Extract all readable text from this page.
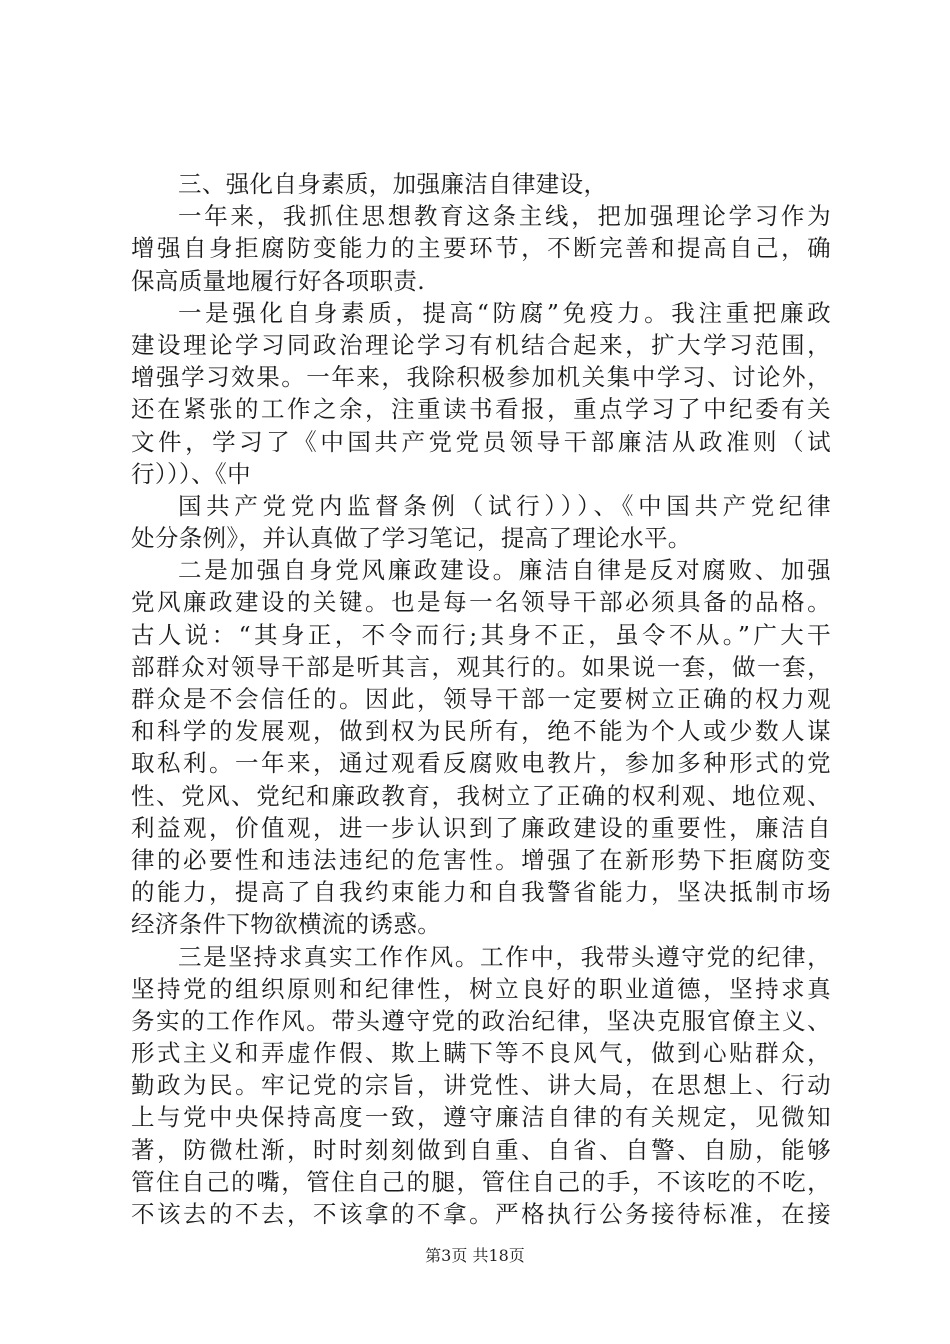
三、强化自身素质，加强廉洁自律建设，
一年来，我抓住思想教育这条主线，把加强理论学习作为
增强自身拒腐防变能力的主要环节，不断完善和提高自己，确
保高质量地履行好各项职责.
一是强化自身素质，提高“防腐”免疫力。我注重把廉政
建设理论学习同政治理论学习有机结合起来，扩大学习范围，
增强学习效果。一年来，我除积极参加机关集中学习、讨论外，
还在紧张的工作之余，注重读书看报，重点学习了中纪委有关
文件，学习了《中国共产党党员领导干部廉洁从政准则（试
行）））、《中
国共产党党内监督条例（试行）））、《中国共产党纪律
处分条例》，并认真做了学习笔记，提高了理论水平。
二是加强自身党风廉政建设。廉洁自律是反对腐败、加强
党风廉政建设的关键。也是每一名领导干部必须具备的品格。
古人说：“其身正，不令而行;其身不正，虽令不从。”广大干
部群众对领导干部是听其言，观其行的。如果说一套，做一套，
群众是不会信任的。因此，领导干部一定要树立正确的权力观
和科学的发展观，做到权为民所有，绝不能为个人或少数人谋
取私利。一年来，通过观看反腐败电教片，参加多种形式的党
性、党风、党纪和廉政教育，我树立了正确的权利观、地位观、
利益观，价值观，进一步认识到了廉政建设的重要性，廉洁自
律的必要性和违法违纪的危害性。增强了在新形势下拒腐防变
的能力，提高了自我约束能力和自我警省能力，坚决抵制市场
经济条件下物欲横流的诱惑。
三是坚持求真实工作作风。工作中，我带头遵守党的纪律，
坚持党的组织原则和纪律性，树立良好的职业道德，坚持求真
务实的工作作风。带头遵守党的政治纪律，坚决克服官僚主义、
形式主义和弄虚作假、欺上瞒下等不良风气，做到心贴群众，
勤政为民。牢记党的宗旨，讲党性、讲大局，在思想上、行动
上与党中央保持高度一致，遵守廉洁自律的有关规定，见微知
著，防微杜渐，时时刻刻做到自重、自省、自警、自励，能够
管住自己的嘴，管住自己的腿，管住自己的手，不该吃的不吃，
不该去的不去，不该拿的不拿。严格执行公务接待标准，在接
第3页 共18页
